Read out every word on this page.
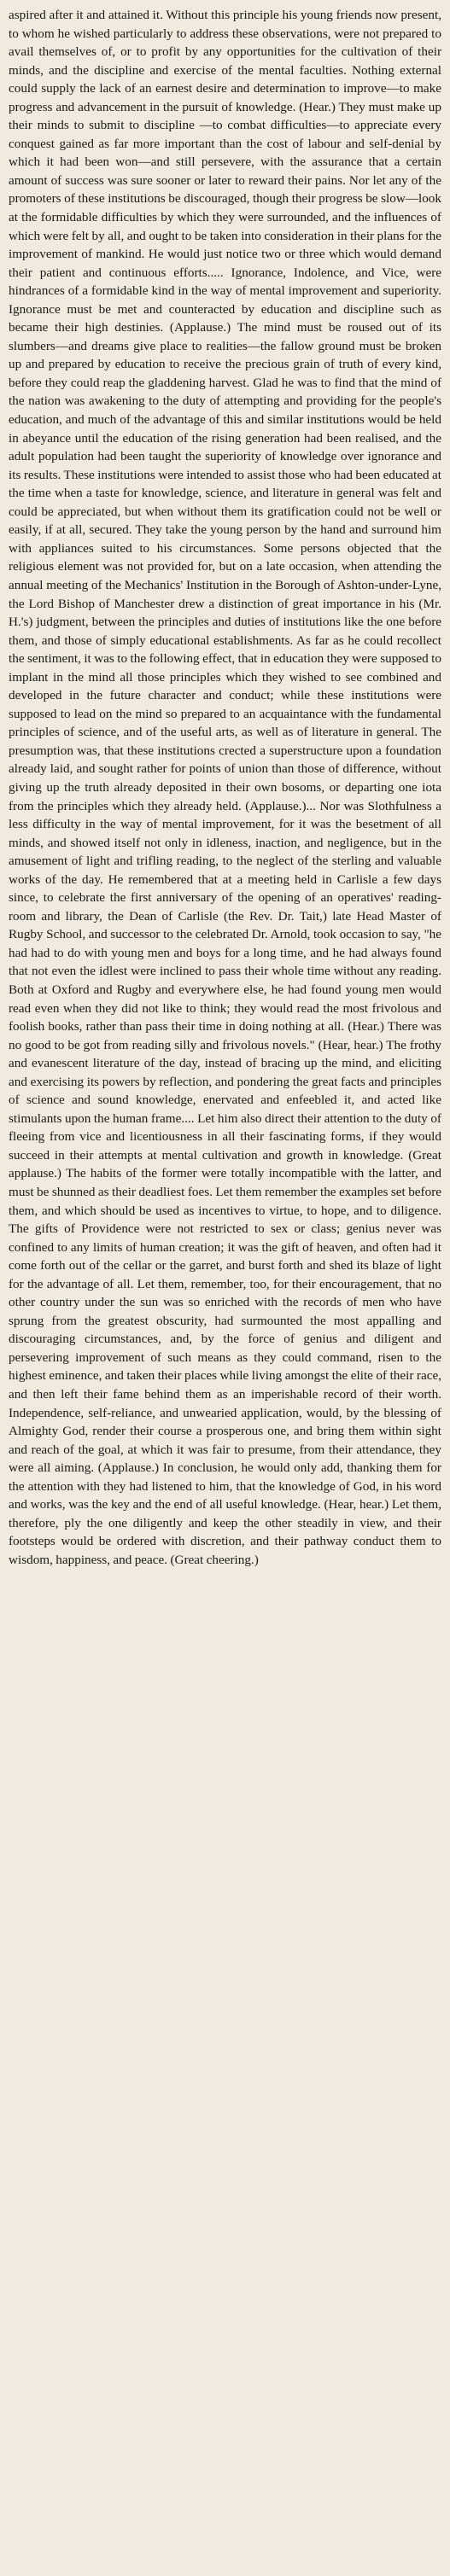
aspired after it and attained it. Without this principle his young friends now present, to whom he wished particularly to address these observations, were not prepared to avail themselves of, or to profit by any opportunities for the cultivation of their minds, and the discipline and exercise of the mental faculties. Nothing external could supply the lack of an earnest desire and determination to improve—to make progress and advancement in the pursuit of knowledge. (Hear.) They must make up their minds to submit to discipline —to combat difficulties—to appreciate every conquest gained as far more important than the cost of labour and self-denial by which it had been won—and still persevere, with the assurance that a certain amount of success was sure sooner or later to reward their pains. Nor let any of the promoters of these institutions be discouraged, though their progress be slow—look at the formidable difficulties by which they were surrounded, and the influences of which were felt by all, and ought to be taken into consideration in their plans for the improvement of mankind. He would just notice two or three which would demand their patient and continuous efforts..... Ignorance, Indolence, and Vice, were hindrances of a formidable kind in the way of mental improvement and superiority. Ignorance must be met and counteracted by education and discipline such as became their high destinies. (Applause.) The mind must be roused out of its slumbers—and dreams give place to realities—the fallow ground must be broken up and prepared by education to receive the precious grain of truth of every kind, before they could reap the gladdening harvest. Glad he was to find that the mind of the nation was awakening to the duty of attempting and providing for the people's education, and much of the advantage of this and similar institutions would be held in abeyance until the education of the rising generation had been realised, and the adult population had been taught the superiority of knowledge over ignorance and its results. These institutions were intended to assist those who had been educated at the time when a taste for knowledge, science, and literature in general was felt and could be appreciated, but when without them its gratification could not be well or easily, if at all, secured. They take the young person by the hand and surround him with appliances suited to his circumstances. Some persons objected that the religious element was not provided for, but on a late occasion, when attending the annual meeting of the Mechanics' Institution in the Borough of Ashton-under-Lyne, the Lord Bishop of Manchester drew a distinction of great importance in his (Mr. H.'s) judgment, between the principles and duties of institutions like the one before them, and those of simply educational establishments. As far as he could recollect the sentiment, it was to the following effect, that in education they were supposed to implant in the mind all those principles which they wished to see combined and developed in the future character and conduct; while these institutions were supposed to lead on the mind so prepared to an acquaintance with the fundamental principles of science, and of the useful arts, as well as of literature in general. The presumption was, that these institutions crected a superstructure upon a foundation already laid, and sought rather for points of union than those of difference, without giving up the truth already deposited in their own bosoms, or departing one iota from the principles which they already held. (Applause.)... Nor was Slothfulness a less difficulty in the way of mental improvement, for it was the besetment of all minds, and showed itself not only in idleness, inaction, and negligence, but in the amusement of light and trifling reading, to the neglect of the sterling and valuable works of the day. He remembered that at a meeting held in Carlisle a few days since, to celebrate the first anniversary of the opening of an operatives' reading-room and library, the Dean of Carlisle (the Rev. Dr. Tait,) late Head Master of Rugby School, and successor to the celebrated Dr. Arnold, took occasion to say, "he had had to do with young men and boys for a long time, and he had always found that not even the idlest were inclined to pass their whole time without any reading. Both at Oxford and Rugby and everywhere else, he had found young men would read even when they did not like to think; they would read the most frivolous and foolish books, rather than pass their time in doing nothing at all. (Hear.) There was no good to be got from reading silly and frivolous novels." (Hear, hear.) The frothy and evanescent literature of the day, instead of bracing up the mind, and eliciting and exercising its powers by reflection, and pondering the great facts and principles of science and sound knowledge, enervated and enfeebled it, and acted like stimulants upon the human frame.... Let him also direct their attention to the duty of fleeing from vice and licentiousness in all their fascinating forms, if they would succeed in their attempts at mental cultivation and growth in knowledge. (Great applause.) The habits of the former were totally incompatible with the latter, and must be shunned as their deadliest foes. Let them remember the examples set before them, and which should be used as incentives to virtue, to hope, and to diligence. The gifts of Providence were not restricted to sex or class; genius never was confined to any limits of human creation; it was the gift of heaven, and often had it come forth out of the cellar or the garret, and burst forth and shed its blaze of light for the advantage of all. Let them, remember, too, for their encouragement, that no other country under the sun was so enriched with the records of men who have sprung from the greatest obscurity, had surmounted the most appalling and discouraging circumstances, and, by the force of genius and diligent and persevering improvement of such means as they could command, risen to the highest eminence, and taken their places while living amongst the elite of their race, and then left their fame behind them as an imperishable record of their worth. Independence, self-reliance, and unwearied application, would, by the blessing of Almighty God, render their course a prosperous one, and bring them within sight and reach of the goal, at which it was fair to presume, from their attendance, they were all aiming. (Applause.) In conclusion, he would only add, thanking them for the attention with they had listened to him, that the knowledge of God, in his word and works, was the key and the end of all useful knowledge. (Hear, hear.) Let them, therefore, ply the one diligently and keep the other steadily in view, and their footsteps would be ordered with discretion, and their pathway conduct them to wisdom, happiness, and peace. (Great cheering.)
